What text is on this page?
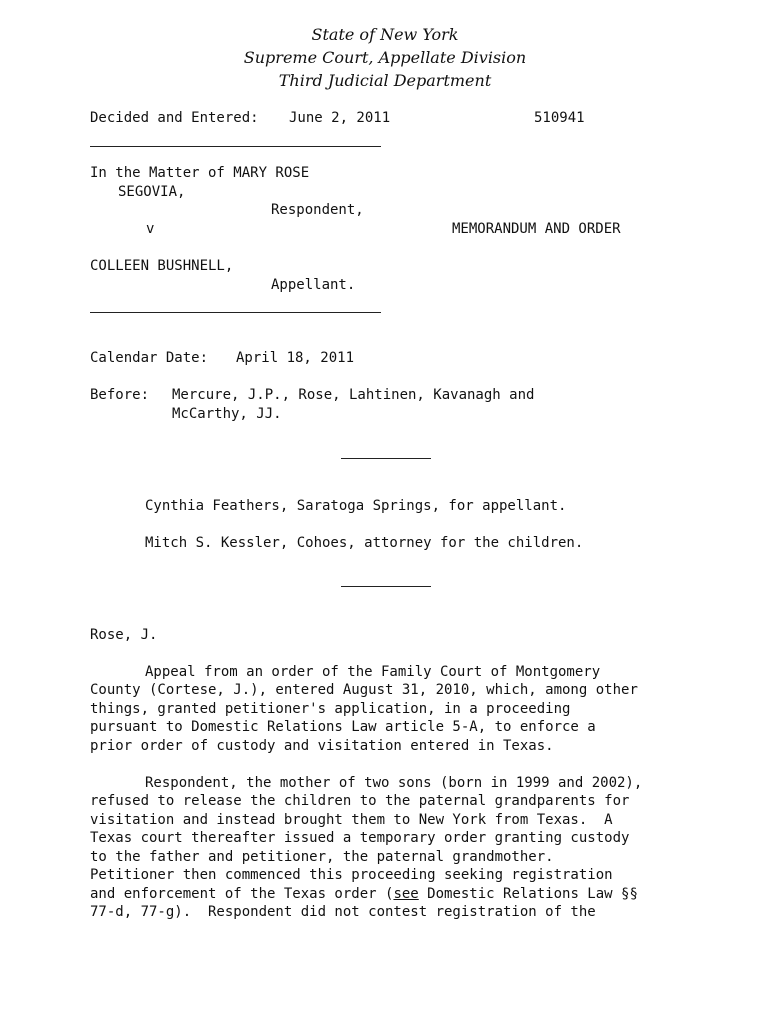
State of New York
Supreme Court, Appellate Division
Third Judicial Department
Decided and Entered: June 2, 2011	510941
In the Matter of MARY ROSE
SEGOVIA,
Respondent,
v	MEMORANDUM AND ORDER
COLLEEN BUSHNELL,
Appellant.
Calendar Date: April 18, 2011
Before: Mercure, J.P., Rose, Lahtinen, Kavanagh and
McCarthy, JJ.
Cynthia Feathers, Saratoga Springs, for appellant.
Mitch S. Kessler, Cohoes, attorney for the children.
Rose, J.
Appeal from an order of the Family Court of Montgomery
County (Cortese, J.), entered August 31, 2010, which, among other
things, granted petitioner's application, in a proceeding
pursuant to Domestic Relations Law article 5-A, to enforce a
prior order of custody and visitation entered in Texas.
Respondent, the mother of two sons (born in 1999 and 2002),
refused to release the children to the paternal grandparents for
visitation and instead brought them to New York from Texas.  A
Texas court thereafter issued a temporary order granting custody
to the father and petitioner, the paternal grandmother.
Petitioner then commenced this proceeding seeking registration
and enforcement of the Texas order (see Domestic Relations Law §§
77-d, 77-g).  Respondent did not contest registration of the
